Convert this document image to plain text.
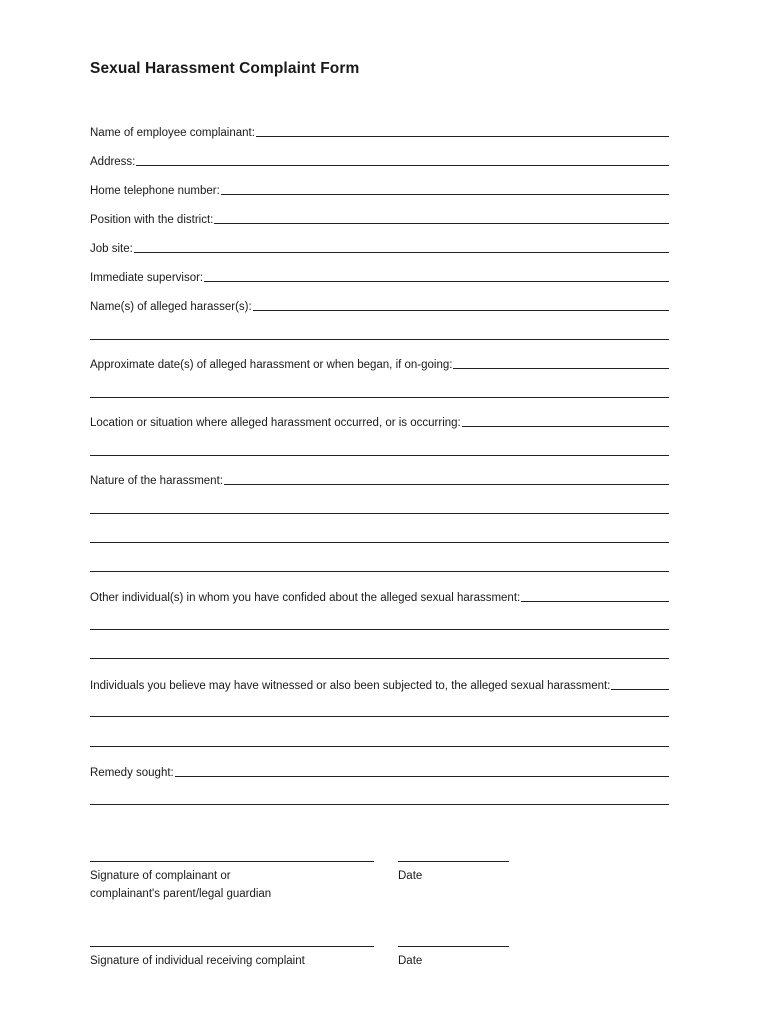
Sexual Harassment Complaint Form
Name of employee complainant:
Address:
Home telephone number:
Position with the district:
Job site:
Immediate supervisor:
Name(s) of alleged harasser(s):
Approximate date(s) of alleged harassment or when began, if on-going:
Location or situation where alleged harassment occurred, or is occurring:
Nature of the harassment:
Other individual(s) in whom you have confided about the alleged sexual harassment:
Individuals you believe may have witnessed or also been subjected to, the alleged sexual harassment:
Remedy sought:
Signature of complainant or
complainant's parent/legal guardian
Date
Signature of individual receiving complaint	Date
